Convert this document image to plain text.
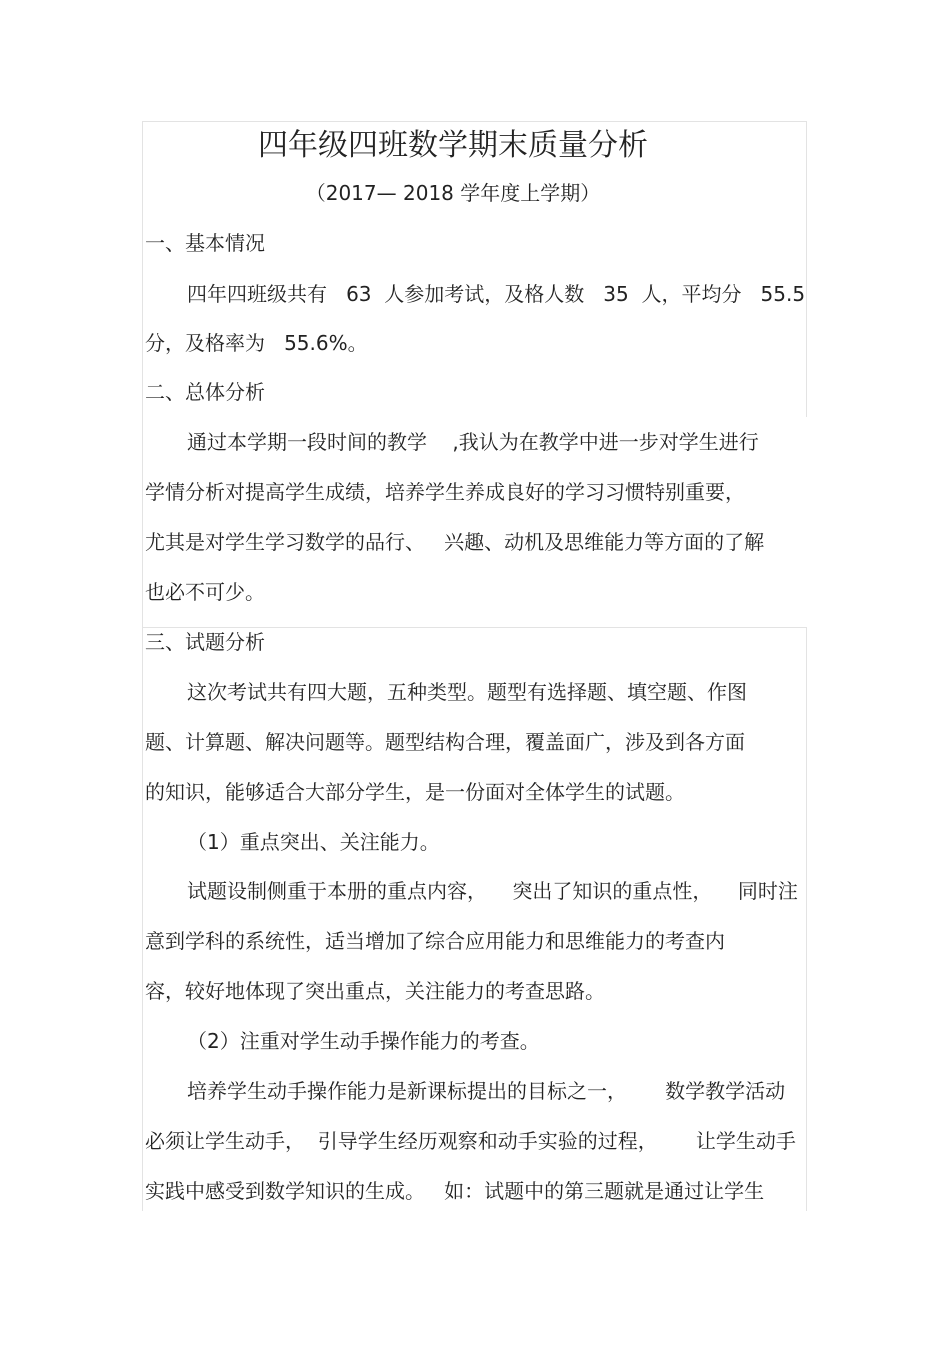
四年级四班数学期末质量分析
（2017— 2018 学年度上学期）
一、基本情况
四年四班级共有   63  人参加考试，及格人数   35  人，平均分   55.5
分，及格率为   55.6%。
二、总体分析
通过本学期一段时间的教学    ,我认为在教学中进一步对学生进行
学情分析对提高学生成绩，培养学生养成良好的学习习惯特别重要，
尤其是对学生学习数学的品行、   兴趣、动机及思维能力等方面的了解
也必不可少。
三、试题分析
这次考试共有四大题，五种类型。题型有选择题、填空题、作图
题、计算题、解决问题等。题型结构合理，覆盖面广，涉及到各方面
的知识，能够适合大部分学生，是一份面对全体学生的试题。
（1）重点突出、关注能力。
试题设制侧重于本册的重点内容，    突出了知识的重点性，    同时注
意到学科的系统性，适当增加了综合应用能力和思维能力的考查内
容，较好地体现了突出重点，关注能力的考查思路。
（2）注重对学生动手操作能力的考查。
培养学生动手操作能力是新课标提出的目标之一，      数学教学活动
必须让学生动手，  引导学生经历观察和动手实验的过程，      让学生动手
实践中感受到数学知识的生成。   如：试题中的第三题就是通过让学生
